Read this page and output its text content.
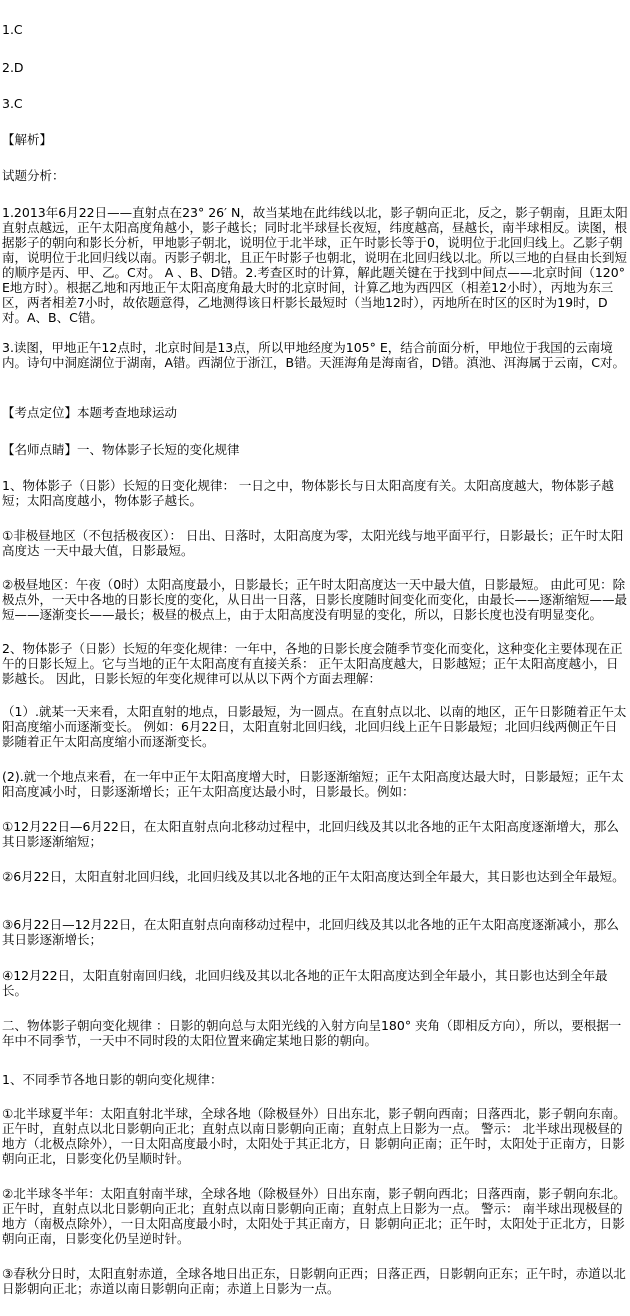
1.C
2.D
3.C
【解析】
试题分析：
1.2013年6月22日——直射点在23° 26′ N，故当某地在此纬线以北，影子朝向正北，反之，影子朝南，且距太阳直射点越远，正午太阳高度角越小，影子越长；同时北半球昼长夜短，纬度越高，昼越长，南半球相反。读图，根据影子的朝向和影长分析，甲地影子朝北，说明位于北半球，正午时影长等于0，说明位于北回归线上。乙影子朝南，说明位于北回归线以南。丙影子朝北，且正午时影子也朝北，说明在北回归线以北。所以三地的白昼由长到短的顺序是丙、甲、乙。C对。 A 、B、D错。2.考查区时的计算，解此题关键在于找到中间点——北京时间（120° E地方时）。根据乙地和丙地正午太阳高度角最大时的北京时间，计算乙地为西四区（相差12小时），丙地为东三区，两者相差7小时，故依题意得，乙地测得该日杆影长最短时（当地12时），丙地所在时区的区时为19时，D对。A、B、C错。
3.读图，甲地正午12点时，北京时间是13点，所以甲地经度为105° E，结合前面分析，甲地位于我国的云南境内。诗句中洞庭湖位于湖南，A错。西湖位于浙江，B错。天涯海角是海南省，D错。滇池、洱海属于云南，C对。
【考点定位】本题考查地球运动
【名师点睛】一、物体影子长短的变化规律
1、物体影子（日影）长短的日变化规律： 一日之中，物体影长与日太阳高度有关。太阳高度越大，物体影子越短；太阳高度越小，物体影子越长。
①非极昼地区（不包括极夜区）： 日出、日落时，太阳高度为零，太阳光线与地平面平行，日影最长；正午时太阳高度达 一天中最大值，日影最短。
②极昼地区：午夜（0时）太阳高度最小，日影最长；正午时太阳高度达一天中最大值，日影最短。 由此可见：除极点外，一天中各地的日影长度的变化，从日出一日落，日影长度随时间变化而变化，由最长——逐渐缩短——最短——逐渐变长——最长；极昼的极点上，由于太阳高度没有明显的变化，所以，日影长度也没有明显变化。
2、物体影子（日影）长短的年变化规律：一年中，各地的日影长度会随季节变化而变化，这种变化主要体现在正午的日影长短上。它与当地的正午太阳高度有直接关系： 正午太阳高度越大，日影越短；正午太阳高度越小，日影越长。 因此，日影长短的年变化规律可以从以下两个方面去理解：
（1）.就某一天来看，太阳直射的地点，日影最短，为一圆点。在直射点以北、以南的地区，正午日影随着正午太阳高度缩小而逐渐变长。 例如：6月22日，太阳直射北回归线，北回归线上正午日影最短；北回归线两侧正午日影随着正午太阳高度缩小而逐渐变长。
(2).就一个地点来看，在一年中正午太阳高度增大时，日影逐渐缩短；正午太阳高度达最大时，日影最短；正午太阳高度减小时，日影逐渐增长；正午太阳高度达最小时，日影最长。例如：
①12月22日—6月22日，在太阳直射点向北移动过程中，北回归线及其以北各地的正午太阳高度逐渐增大，那么其日影逐渐缩短；
②6月22日，太阳直射北回归线，北回归线及其以北各地的正午太阳高度达到全年最大，其日影也达到全年最短。
③6月22日—12月22日，在太阳直射点向南移动过程中，北回归线及其以北各地的正午太阳高度逐渐减小，那么其日影逐渐增长；
④12月22日，太阳直射南回归线，北回归线及其以北各地的正午太阳高度达到全年最小，其日影也达到全年最长。
二、物体影子朝向变化规律 ：日影的朝向总与太阳光线的入射方向呈180° 夹角（即相反方向），所以，要根据一年中不同季节，一天中不同时段的太阳位置来确定某地日影的朝向。
1、不同季节各地日影的朝向变化规律：
①北半球夏半年：太阳直射北半球，全球各地（除极昼外）日出东北，影子朝向西南；日落西北，影子朝向东南。正午时，直射点以北日影朝向正北；直射点以南日影朝向正南；直射点上日影为一点。 警示： 北半球出现极昼的地方（北极点除外），一日太阳高度最小时，太阳处于其正北方，日 影朝向正南；正午时，太阳处于正南方，日影朝向正北，日影变化仍呈顺时针。
②北半球冬半年：太阳直射南半球，全球各地（除极昼外）日出东南，影子朝向西北；日落西南，影子朝向东北。正午时，直射点以北日影朝向正北；直射点以南日影朝向正南；直射点上日影为一点。 警示： 南半球出现极昼的地方（南极点除外），一日太阳高度最小时，太阳处于其正南方，日 影朝向正北；正午时，太阳处于正北方，日影朝向正南，日影变化仍呈逆时针。
③春秋分日时，太阳直射赤道，全球各地日出正东，日影朝向正西；日落正西，日影朝向正东；正午时，赤道以北日影朝向正北；赤道以南日影朝向正南；赤道上日影为一点。
